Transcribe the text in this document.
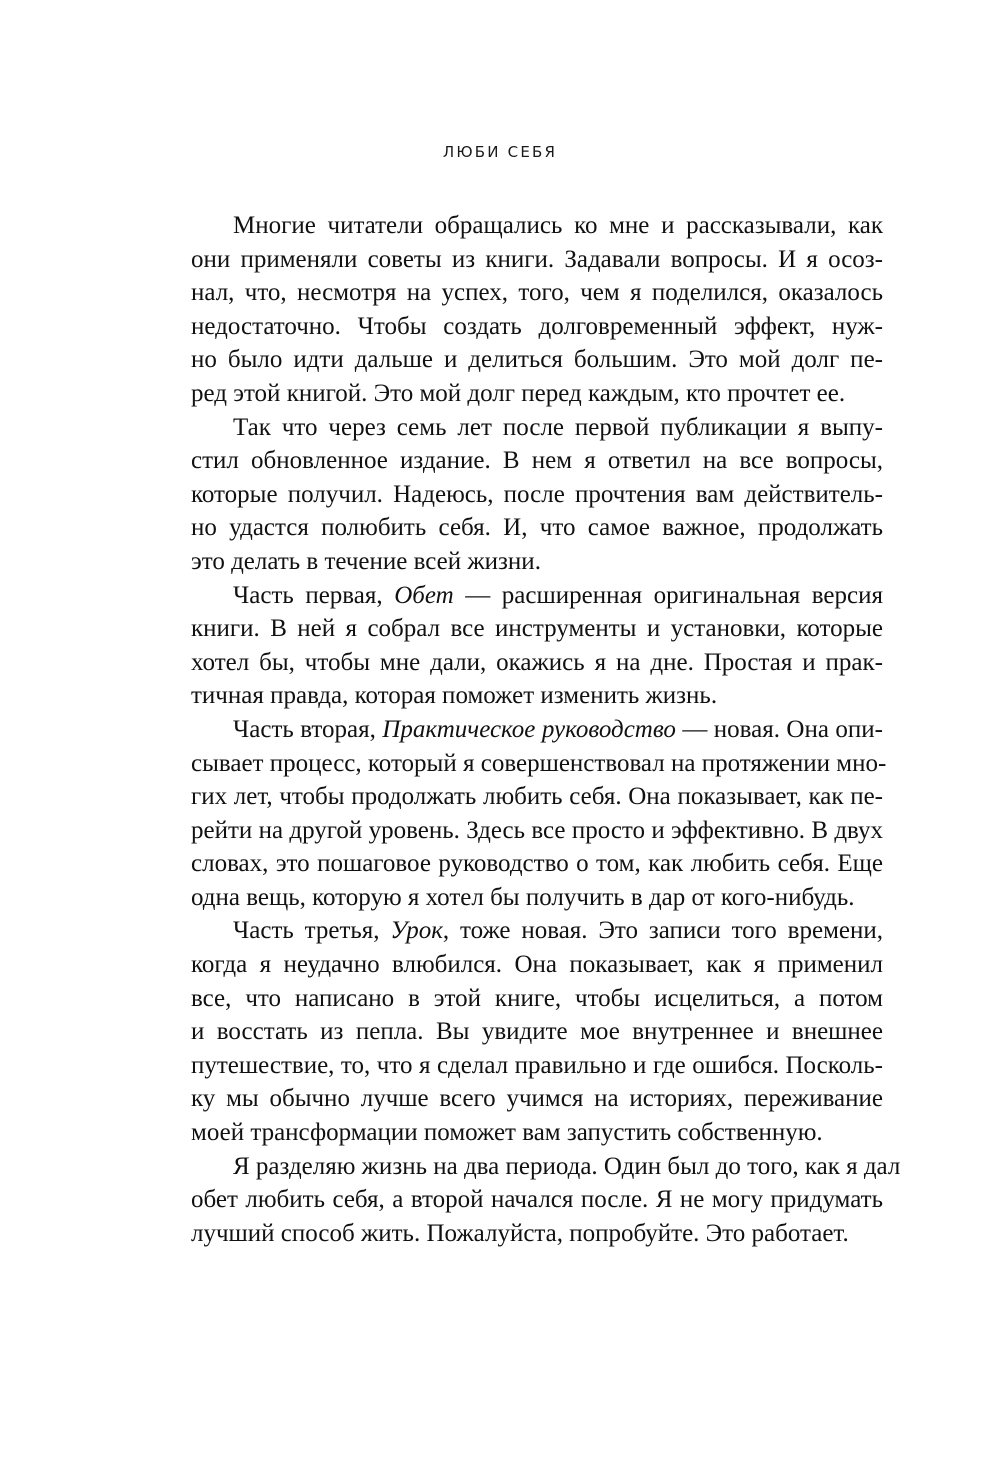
ЛЮБИ СЕБЯ
Многие читатели обращались ко мне и рассказывали, как
они применяли советы из книги. Задавали вопросы. И я осоз-
нал, что, несмотря на успех, того, чем я поделился, оказалось
недостаточно. Чтобы создать долговременный эффект, нуж-
но было идти дальше и делиться большим. Это мой долг пе-
ред этой книгой. Это мой долг перед каждым, кто прочтет ее.
Так что через семь лет после первой публикации я выпу-
стил обновленное издание. В нем я ответил на все вопросы,
которые получил. Надеюсь, после прочтения вам действитель-
но удастся полюбить себя. И, что самое важное, продолжать
это делать в течение всей жизни.
Часть первая, Обет — расширенная оригинальная версия
книги. В ней я собрал все инструменты и установки, которые
хотел бы, чтобы мне дали, окажись я на дне. Простая и прак-
тичная правда, которая поможет изменить жизнь.
Часть вторая, Практическое руководство — новая. Она опи-
сывает процесс, который я совершенствовал на протяжении мно-
гих лет, чтобы продолжать любить себя. Она показывает, как пе-
рейти на другой уровень. Здесь все просто и эффективно. В двух
словах, это пошаговое руководство о том, как любить себя. Еще
одна вещь, которую я хотел бы получить в дар от кого-нибудь.
Часть третья, Урок, тоже новая. Это записи того времени,
когда я неудачно влюбился. Она показывает, как я применил
все, что написано в этой книге, чтобы исцелиться, а потом
и восстать из пепла. Вы увидите мое внутреннее и внешнее
путешествие, то, что я сделал правильно и где ошибся. Посколь-
ку мы обычно лучше всего учимся на историях, переживание
моей трансформации поможет вам запустить собственную.
Я разделяю жизнь на два периода. Один был до того, как я дал
обет любить себя, а второй начался после. Я не могу придумать
лучший способ жить. Пожалуйста, попробуйте. Это работает.
